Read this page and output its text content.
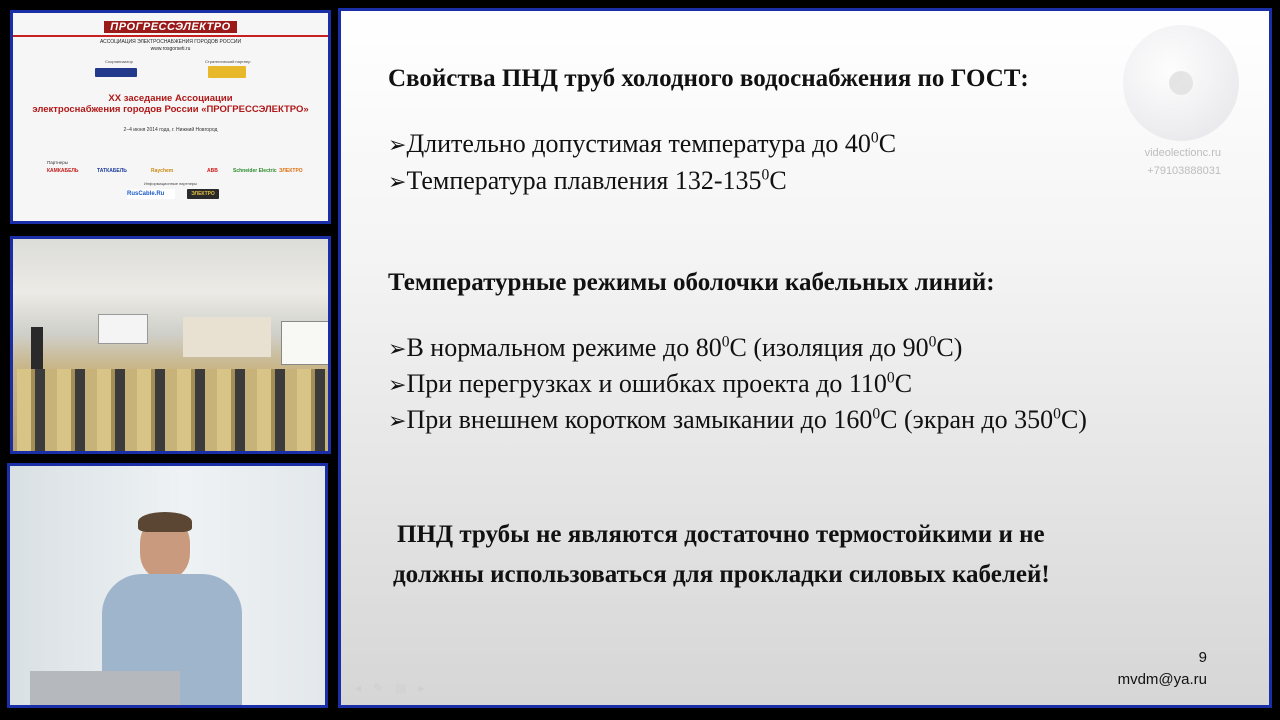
ПРОГРЕССЭЛЕКТРО
АССОЦИАЦИЯ ЭЛЕКТРОСНАБЖЕНИЯ ГОРОДОВ РОССИИ
www.rosgorseti.ru
Соорганизатор	Стратегический партнер
XX заседание Ассоциации
электроснабжения городов России «ПРОГРЕССЭЛЕКТРО»
2–4 июня 2014 года, г. Нижний Новгород
Партнеры
КАМКАБЕЛЬ	ТАТКАБЕЛЬ	Raychem	ABB	Schneider Electric ЭЛЕКТРО
Информационные партнеры
RusCable.Ru	ЭЛЕКТРО
videolectionc.ru
+79103888031
Свойства ПНД труб холодного водоснабжения по ГОСТ:
➢Длительно допустимая температура до $40^0С$
➢Температура плавления $132-135^0С$
Температурные режимы оболочки кабельных линий:
➢В нормальном режиме до $80^0С$ (изоляция до $90^0С$)
➢При перегрузках и ошибках проекта до $110^0С$
➢При внешнем коротком замыкании до $160^0С$ (экран до $350^0С$)
ПНД трубы не являются достаточно термостойкими и не
должны использоваться для прокладки силовых кабелей!
9
mvdm@ya.ru
◂✎▤▸
